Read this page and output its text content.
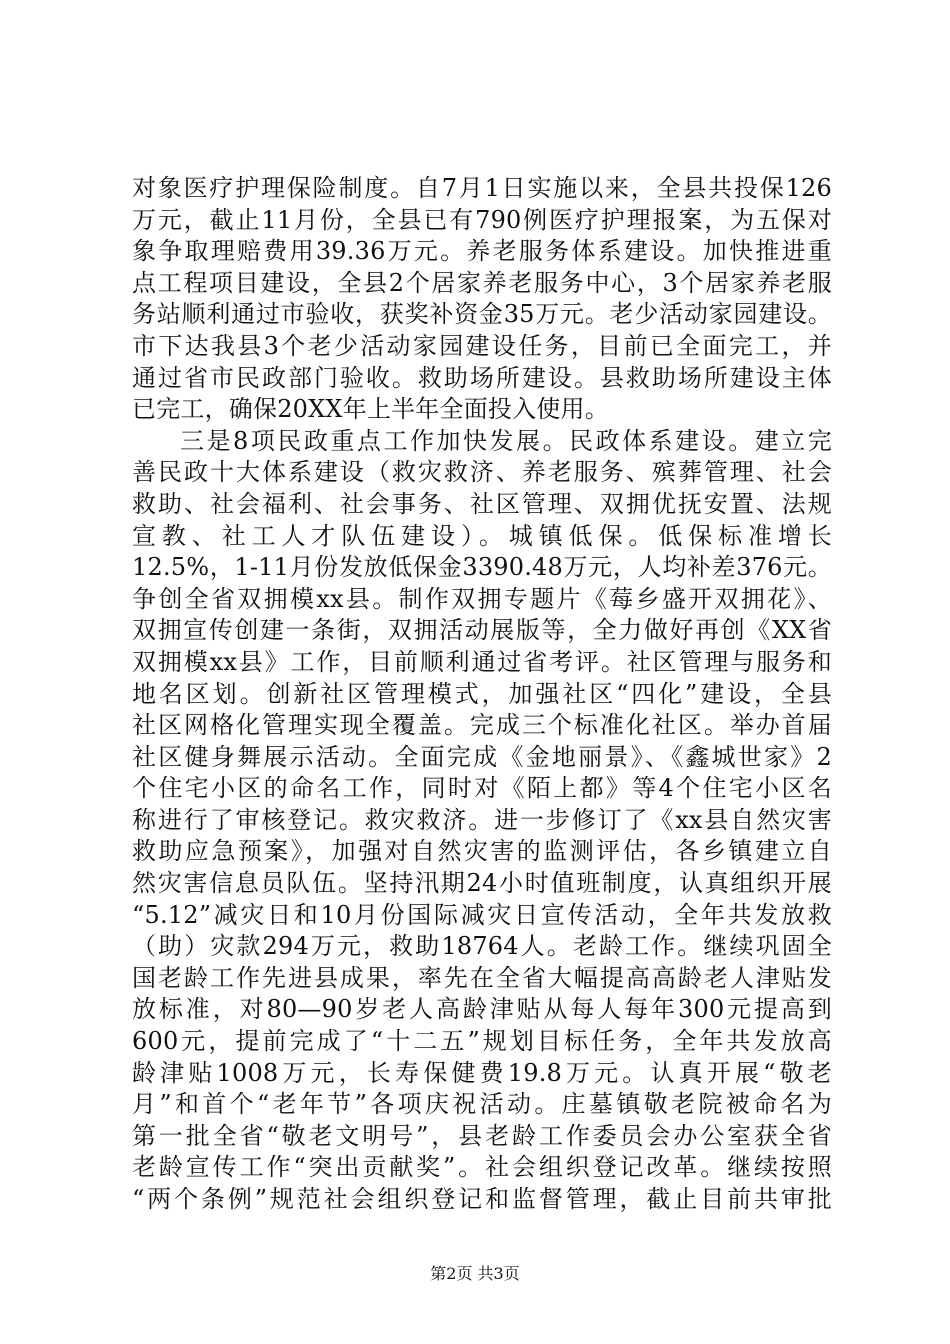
对象医疗护理保险制度。自7月1日实施以来，全县共投保126
万元，截止11月份，全县已有790例医疗护理报案，为五保对
象争取理赔费用39.36万元。养老服务体系建设。加快推进重
点工程项目建设，全县2个居家养老服务中心，3个居家养老服
务站顺利通过市验收，获奖补资金35万元。老少活动家园建设。
市下达我县3个老少活动家园建设任务，目前已全面完工，并
通过省市民政部门验收。救助场所建设。县救助场所建设主体
已完工，确保20XX年上半年全面投入使用。
三是8项民政重点工作加快发展。民政体系建设。建立完
善民政十大体系建设（救灾救济、养老服务、殡葬管理、社会
救助、社会福利、社会事务、社区管理、双拥优抚安置、法规
宣教、社工人才队伍建设）。城镇低保。低保标准增长
12.5%，1-11月份发放低保金3390.48万元，人均补差376元。
争创全省双拥模xx县。制作双拥专题片《莓乡盛开双拥花》、
双拥宣传创建一条街，双拥活动展版等，全力做好再创《XX省
双拥模xx县》工作，目前顺利通过省考评。社区管理与服务和
地名区划。创新社区管理模式，加强社区“四化”建设，全县
社区网格化管理实现全覆盖。完成三个标准化社区。举办首届
社区健身舞展示活动。全面完成《金地丽景》、《鑫城世家》2
个住宅小区的命名工作，同时对《陌上都》等4个住宅小区名
称进行了审核登记。救灾救济。进一步修订了《xx县自然灾害
救助应急预案》，加强对自然灾害的监测评估，各乡镇建立自
然灾害信息员队伍。坚持汛期24小时值班制度，认真组织开展
“5.12”减灾日和10月份国际减灾日宣传活动，全年共发放救
（助）灾款294万元，救助18764人。老龄工作。继续巩固全
国老龄工作先进县成果，率先在全省大幅提高高龄老人津贴发
放标准，对80—90岁老人高龄津贴从每人每年300元提高到
600元，提前完成了“十二五”规划目标任务，全年共发放高
龄津贴1008万元，长寿保健费19.8万元。认真开展“敬老
月”和首个“老年节”各项庆祝活动。庄墓镇敬老院被命名为
第一批全省“敬老文明号”，县老龄工作委员会办公室获全省
老龄宣传工作“突出贡献奖”。社会组织登记改革。继续按照
“两个条例”规范社会组织登记和监督管理，截止目前共审批
第2页 共3页
